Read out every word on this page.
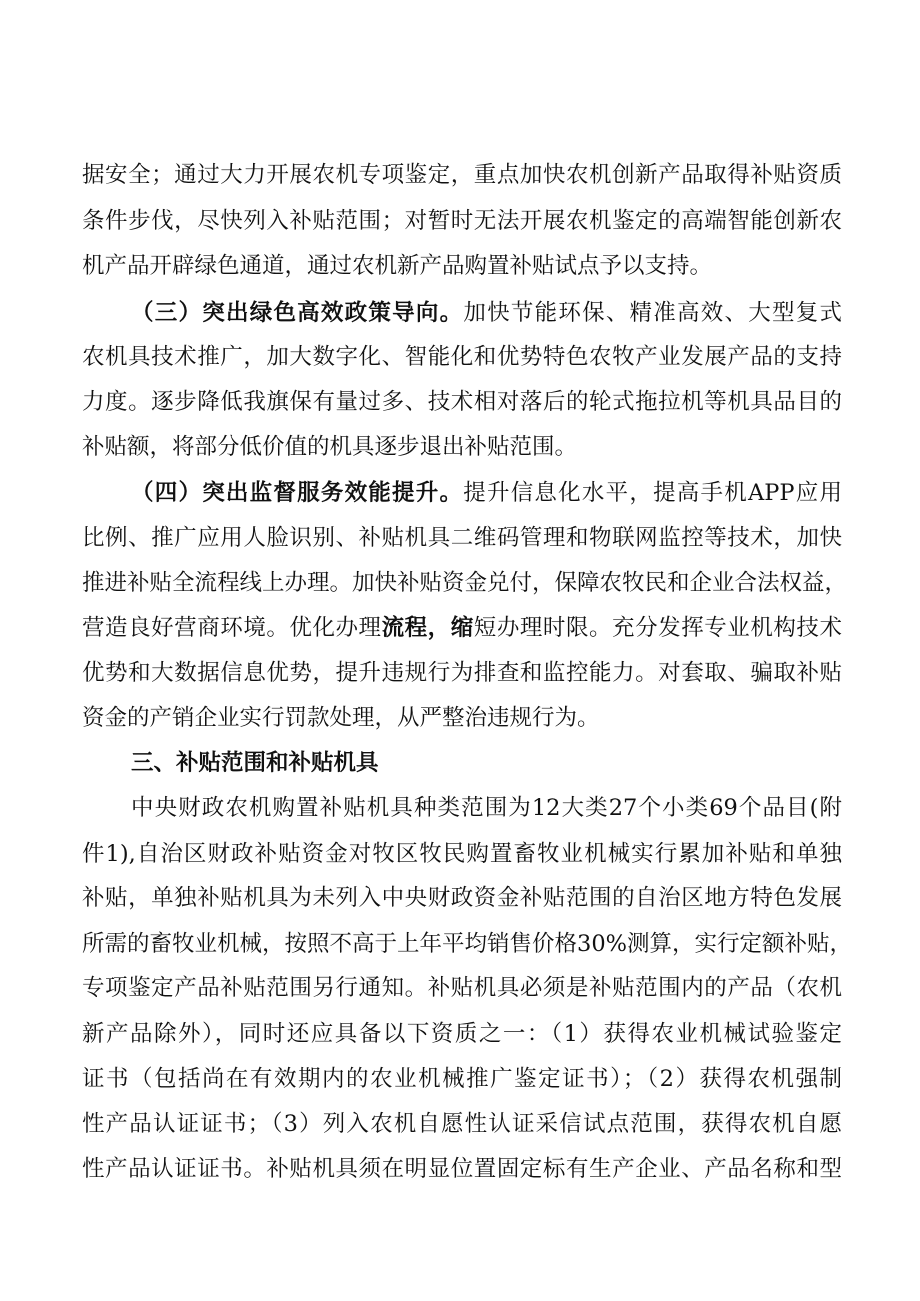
据安全；通过大力开展农机专项鉴定，重点加快农机创新产品取得补贴资质
条件步伐，尽快列入补贴范围；对暂时无法开展农机鉴定的高端智能创新农
机产品开辟绿色通道，通过农机新产品购置补贴试点予以支持。
（三）突出绿色高效政策导向。加快节能环保、精准高效、大型复式
农机具技术推广，加大数字化、智能化和优势特色农牧产业发展产品的支持
力度。逐步降低我旗保有量过多、技术相对落后的轮式拖拉机等机具品目的
补贴额，将部分低价值的机具逐步退出补贴范围。
（四）突出监督服务效能提升。提升信息化水平，提高手机APP应用
比例、推广应用人脸识别、补贴机具二维码管理和物联网监控等技术，加快
推进补贴全流程线上办理。加快补贴资金兑付，保障农牧民和企业合法权益，
营造良好营商环境。优化办理流程，缩短办理时限。充分发挥专业机构技术
优势和大数据信息优势，提升违规行为排查和监控能力。对套取、骗取补贴
资金的产销企业实行罚款处理，从严整治违规行为。
三、补贴范围和补贴机具
中央财政农机购置补贴机具种类范围为12大类27个小类69个品目(附
件1),自治区财政补贴资金对牧区牧民购置畜牧业机械实行累加补贴和单独
补贴，单独补贴机具为未列入中央财政资金补贴范围的自治区地方特色发展
所需的畜牧业机械，按照不高于上年平均销售价格30%测算，实行定额补贴，
专项鉴定产品补贴范围另行通知。补贴机具必须是补贴范围内的产品（农机
新产品除外），同时还应具备以下资质之一：（1）获得农业机械试验鉴定
证书（包括尚在有效期内的农业机械推广鉴定证书）；（2）获得农机强制
性产品认证证书；（3）列入农机自愿性认证采信试点范围，获得农机自愿
性产品认证证书。补贴机具须在明显位置固定标有生产企业、产品名称和型
